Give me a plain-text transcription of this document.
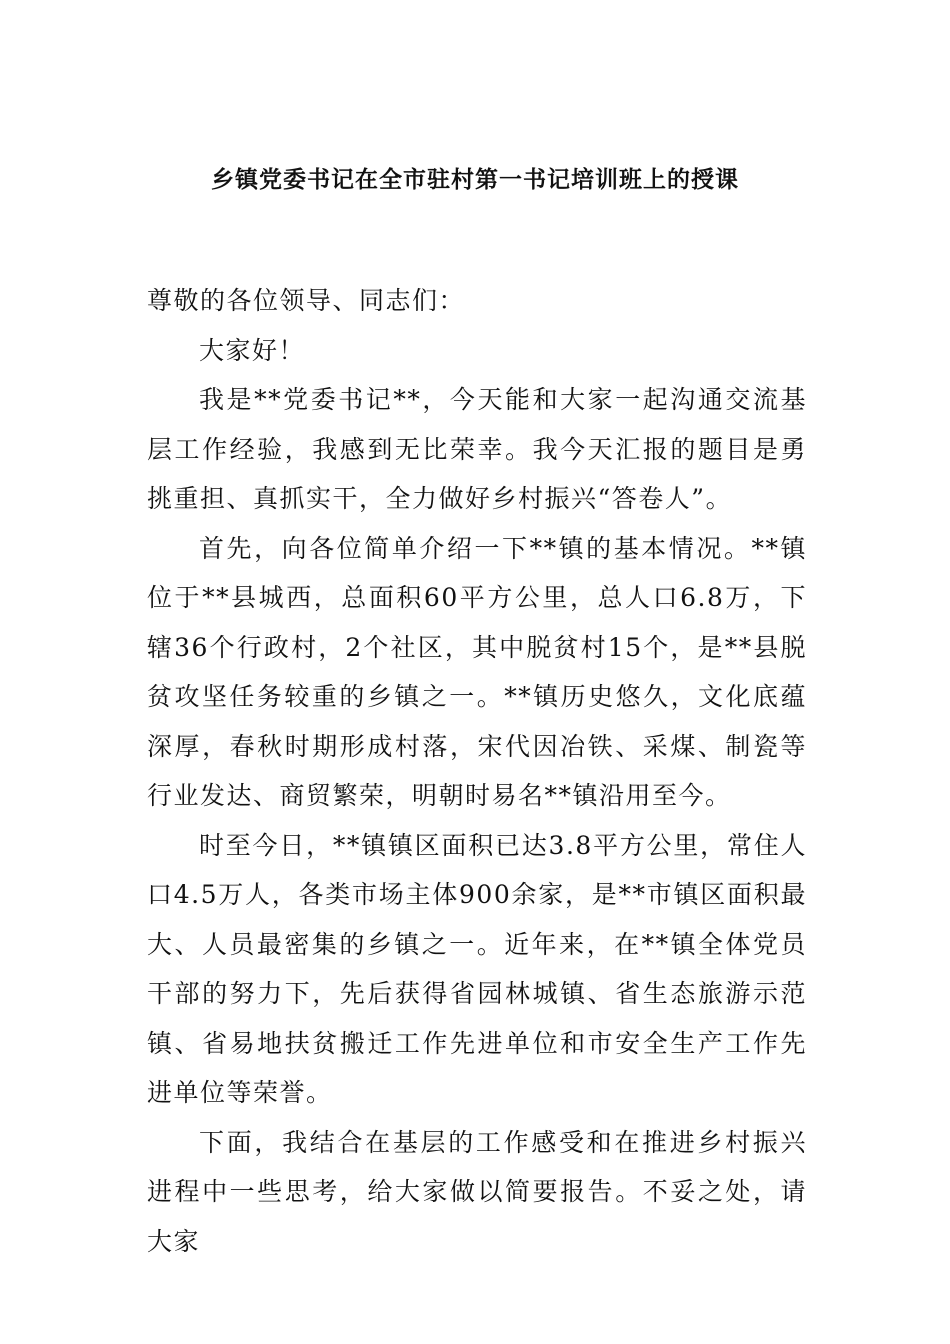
乡镇党委书记在全市驻村第一书记培训班上的授课

尊敬的各位领导、同志们：

大家好！

我是**党委书记**，今天能和大家一起沟通交流基层工作经验，我感到无比荣幸。我今天汇报的题目是勇挑重担、真抓实干，全力做好乡村振兴“答卷人”。

首先，向各位简单介绍一下**镇的基本情况。**镇位于**县城西，总面积60平方公里，总人口6.8万，下辖36个行政村，2个社区，其中脱贫村15个，是**县脱贫攻坚任务较重的乡镇之一。**镇历史悠久，文化底蕴深厚，春秋时期形成村落，宋代因冶铁、采煤、制瓷等行业发达、商贸繁荣，明朝时易名**镇沿用至今。

时至今日，**镇镇区面积已达3.8平方公里，常住人口4.5万人，各类市场主体900余家，是**市镇区面积最大、人员最密集的乡镇之一。近年来，在**镇全体党员干部的努力下，先后获得省园林城镇、省生态旅游示范镇、省易地扶贫搬迁工作先进单位和市安全生产工作先进单位等荣誉。

下面，我结合在基层的工作感受和在推进乡村振兴进程中一些思考，给大家做以简要报告。不妥之处，请大家
